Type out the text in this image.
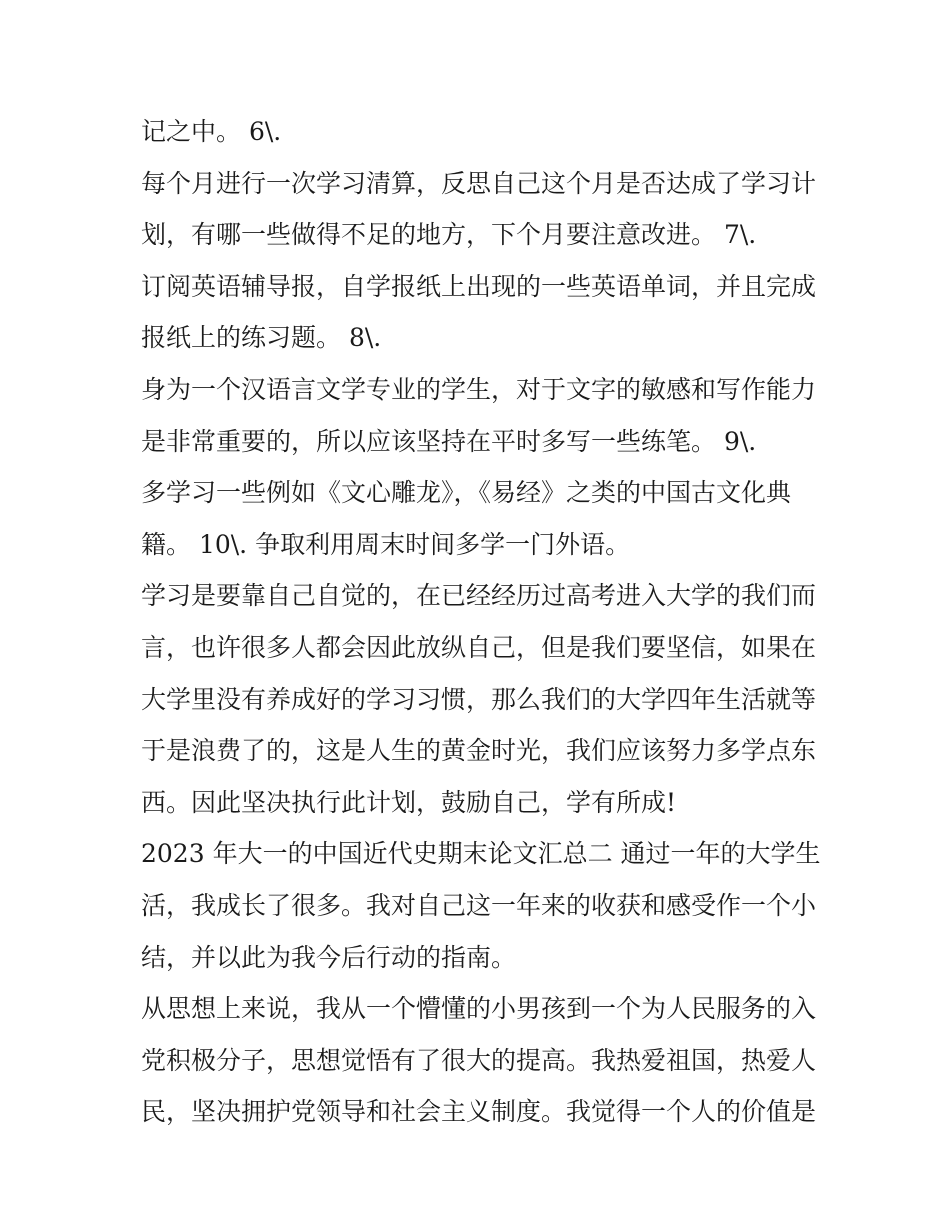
记之中。 6\.
每个月进行一次学习清算，反思自己这个月是否达成了学习计
划，有哪一些做得不足的地方，下个月要注意改进。 7\.
订阅英语辅导报，自学报纸上出现的一些英语单词，并且完成
报纸上的练习题。 8\.
身为一个汉语言文学专业的学生，对于文字的敏感和写作能力
是非常重要的，所以应该坚持在平时多写一些练笔。 9\.
多学习一些例如《文心雕龙》，《易经》之类的中国古文化典
籍。 10\. 争取利用周末时间多学一门外语。
学习是要靠自己自觉的，在已经经历过高考进入大学的我们而
言，也许很多人都会因此放纵自己，但是我们要坚信，如果在
大学里没有养成好的学习习惯，那么我们的大学四年生活就等
于是浪费了的，这是人生的黄金时光，我们应该努力多学点东
西。因此坚决执行此计划，鼓励自己，学有所成!
2023 年大一的中国近代史期末论文汇总二 通过一年的大学生
活，我成长了很多。我对自己这一年来的收获和感受作一个小
结，并以此为我今后行动的指南。
从思想上来说，我从一个懵懂的小男孩到一个为人民服务的入
党积极分子，思想觉悟有了很大的提高。我热爱祖国，热爱人
民，坚决拥护党领导和社会主义制度。我觉得一个人的价值是
